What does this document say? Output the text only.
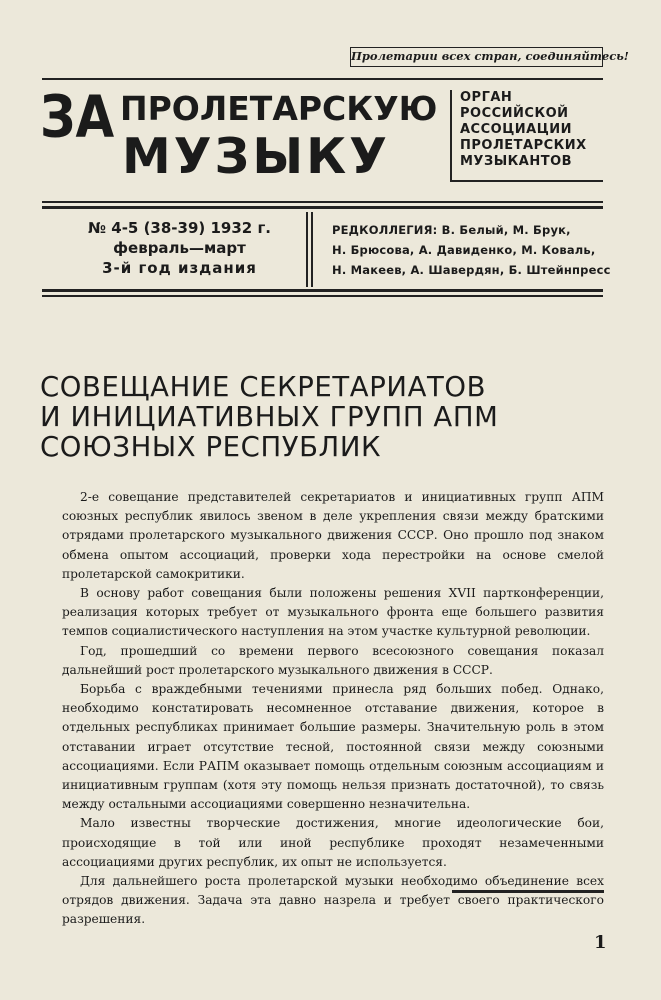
Пролетарии всех стран, соединяйтесь!
ЗА ПРОЛЕТАРСКУЮ
МУЗЫКУ
ОРГАН
РОССИЙСКОЙ
АССОЦИАЦИИ
ПРОЛЕТАРСКИХ
МУЗЫКАНТОВ
№ 4-5 (38-39) 1932 г.
февраль—март
3-й год издания
РЕДКОЛЛЕГИЯ: В. Белый, М. Брук,
Н. Брюсова, А. Давиденко, М. Коваль,
Н. Макеев, А. Шавердян, Б. Штейнпресс
СОВЕЩАНИЕ СЕКРЕТАРИАТОВ
И ИНИЦИАТИВНЫХ ГРУПП АПМ
СОЮЗНЫХ РЕСПУБЛИК

2-е совещание представителей секретариатов и инициативных групп АПМ союзных республик явилось звеном в деле укрепления связи между братскими отрядами пролетарского музыкального движения СССР. Оно прошло под знаком обмена опытом ассоциаций, проверки хода перестройки на основе смелой пролетарской самокритики.

В основу работ совещания были положены решения XVII партконференции, реализация которых требует от музыкального фронта еще большего развития темпов социалистического наступления на этом участке культурной революции.

Год, прошедший со времени первого всесоюзного совещания показал дальнейший рост пролетарского музыкального движения в СССР.

Борьба с враждебными течениями принесла ряд больших побед. Однако, необходимо констатировать несомненное отставание движения, которое в отдельных республиках принимает большие размеры. Значительную роль в этом отставании играет отсутствие тесной, постоянной связи между союзными ассоциациями. Если РАПМ оказывает помощь отдельным союзным ассоциациям и инициативным группам (хотя эту помощь нельзя признать достаточной), то связь между остальными ассоциациями совершенно незначительна.

Мало известны творческие достижения, многие идеологические бои, происходящие в той или иной республике проходят незамеченными ассоциациями других республик, их опыт не используется.

Для дальнейшего роста пролетарской музыки необходимо объединение всех отрядов движения. Задача эта давно назрела и требует своего практического разрешения.

1
